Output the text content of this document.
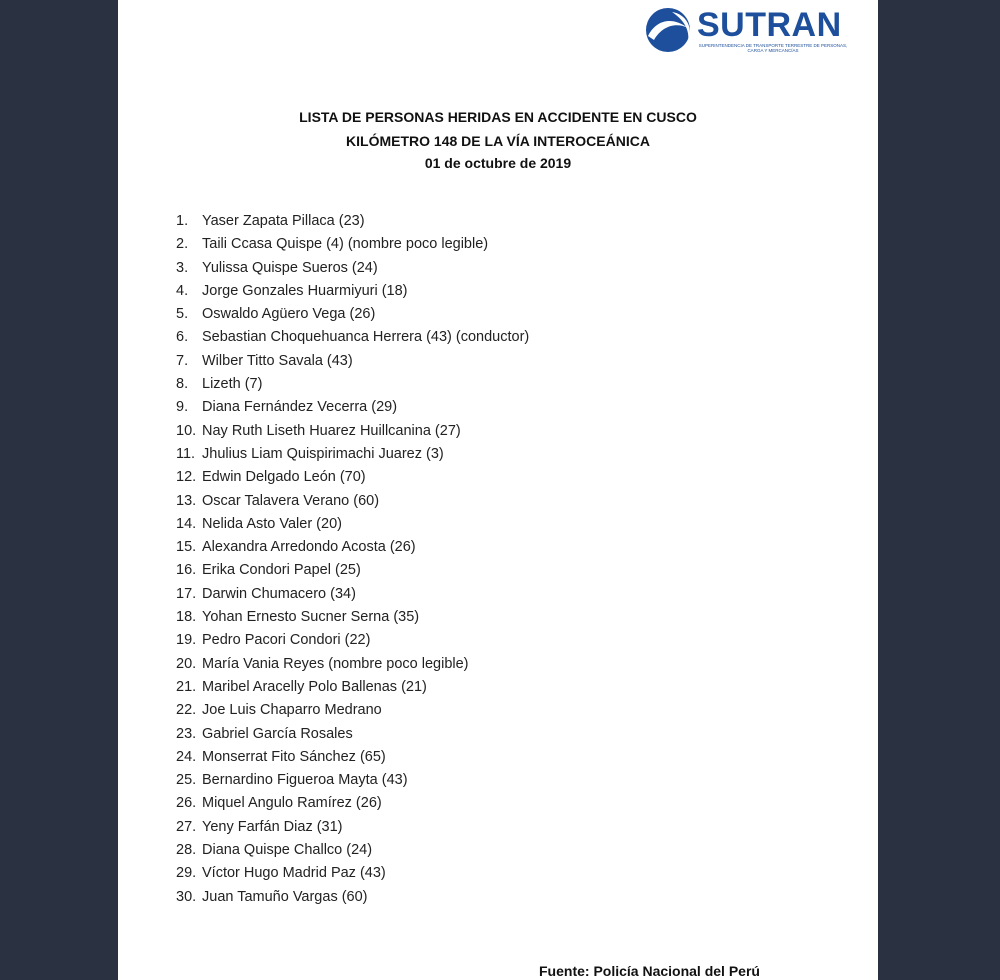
SUTRAN
SUPERINTENDENCIA DE TRANSPORTE TERRESTRE DE PERSONAS, CARGA Y MERCANCÍAS
LISTA DE PERSONAS HERIDAS EN ACCIDENTE EN CUSCO
KILÓMETRO 148 DE LA VÍA INTEROCEÁNICA
01 de octubre de 2019
1. Yaser Zapata Pillaca (23)
2. Taili Ccasa Quispe (4) (nombre poco legible)
3. Yulissa Quispe Sueros (24)
4. Jorge Gonzales Huarmiyuri (18)
5. Oswaldo Agüero Vega (26)
6. Sebastian Choquehuanca Herrera (43) (conductor)
7. Wilber Titto Savala (43)
8. Lizeth (7)
9. Diana Fernández Vecerra (29)
10. Nay Ruth Liseth Huarez Huillcanina (27)
11. Jhulius Liam Quispirimachi Juarez (3)
12. Edwin Delgado León (70)
13. Oscar Talavera Verano (60)
14. Nelida Asto Valer (20)
15. Alexandra Arredondo Acosta (26)
16. Erika Condori Papel (25)
17. Darwin Chumacero (34)
18. Yohan Ernesto Sucner Serna (35)
19. Pedro Pacori Condori (22)
20. María Vania Reyes (nombre poco legible)
21. Maribel Aracelly Polo Ballenas (21)
22. Joe Luis Chaparro Medrano
23. Gabriel García Rosales
24. Monserrat Fito Sánchez (65)
25. Bernardino Figueroa Mayta (43)
26. Miquel Angulo Ramírez (26)
27. Yeny Farfán Diaz (31)
28. Diana Quispe Challco (24)
29. Víctor Hugo Madrid Paz (43)
30. Juan Tamuño Vargas (60)
Fuente: Policía Nacional del Perú
